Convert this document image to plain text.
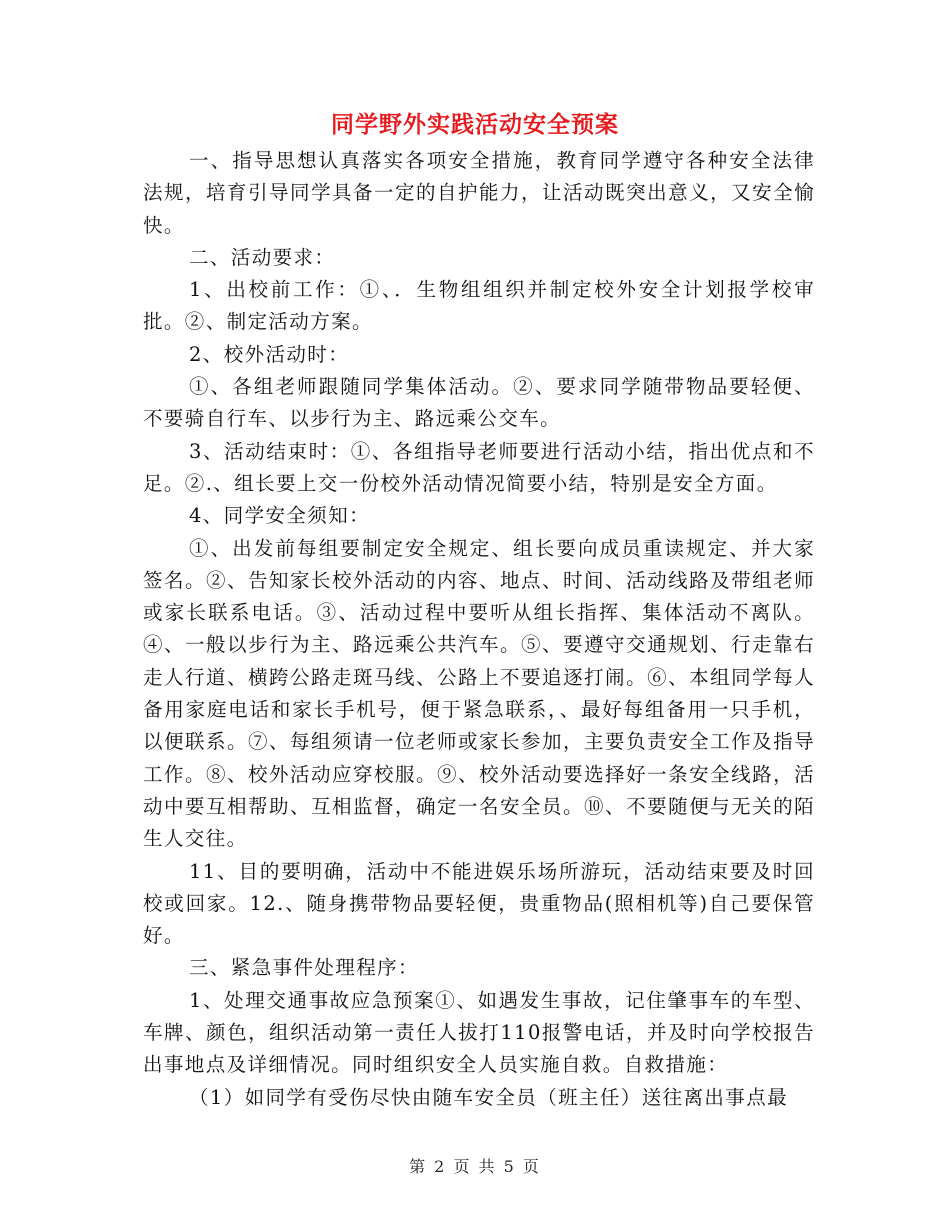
同学野外实践活动安全预案

一、指导思想认真落实各项安全措施，教育同学遵守各种安全法律法规，培育引导同学具备一定的自护能力，让活动既突出意义，又安全愉快。

二、活动要求：

1、出校前工作：①、．生物组组织并制定校外安全计划报学校审批。②、制定活动方案。

2、校外活动时：

①、各组老师跟随同学集体活动。②、要求同学随带物品要轻便、不要骑自行车、以步行为主、路远乘公交车。

3、活动结束时：①、各组指导老师要进行活动小结，指出优点和不足。②.、组长要上交一份校外活动情况简要小结，特别是安全方面。

4、同学安全须知：

①、出发前每组要制定安全规定、组长要向成员重读规定、并大家签名。②、告知家长校外活动的内容、地点、时间、活动线路及带组老师或家长联系电话。③、活动过程中要听从组长指挥、集体活动不离队。④、一般以步行为主、路远乘公共汽车。⑤、要遵守交通规划、行走靠右走人行道、横跨公路走斑马线、公路上不要追逐打闹。⑥、本组同学每人备用家庭电话和家长手机号，便于紧急联系，、最好每组备用一只手机，以便联系。⑦、每组须请一位老师或家长参加，主要负责安全工作及指导工作。⑧、校外活动应穿校服。⑨、校外活动要选择好一条安全线路，活动中要互相帮助、互相监督，确定一名安全员。⑩、不要随便与无关的陌生人交往。

11、目的要明确，活动中不能进娱乐场所游玩，活动结束要及时回校或回家。12.、随身携带物品要轻便，贵重物品(照相机等)自己要保管好。

三、紧急事件处理程序：

1、处理交通事故应急预案①、如遇发生事故，记住肇事车的车型、车牌、颜色，组织活动第一责任人拔打110报警电话，并及时向学校报告出事地点及详细情况。同时组织安全人员实施自救。自救措施：

（1）如同学有受伤尽快由随车安全员（班主任）送往离出事点最

第 2 页 共 5 页
